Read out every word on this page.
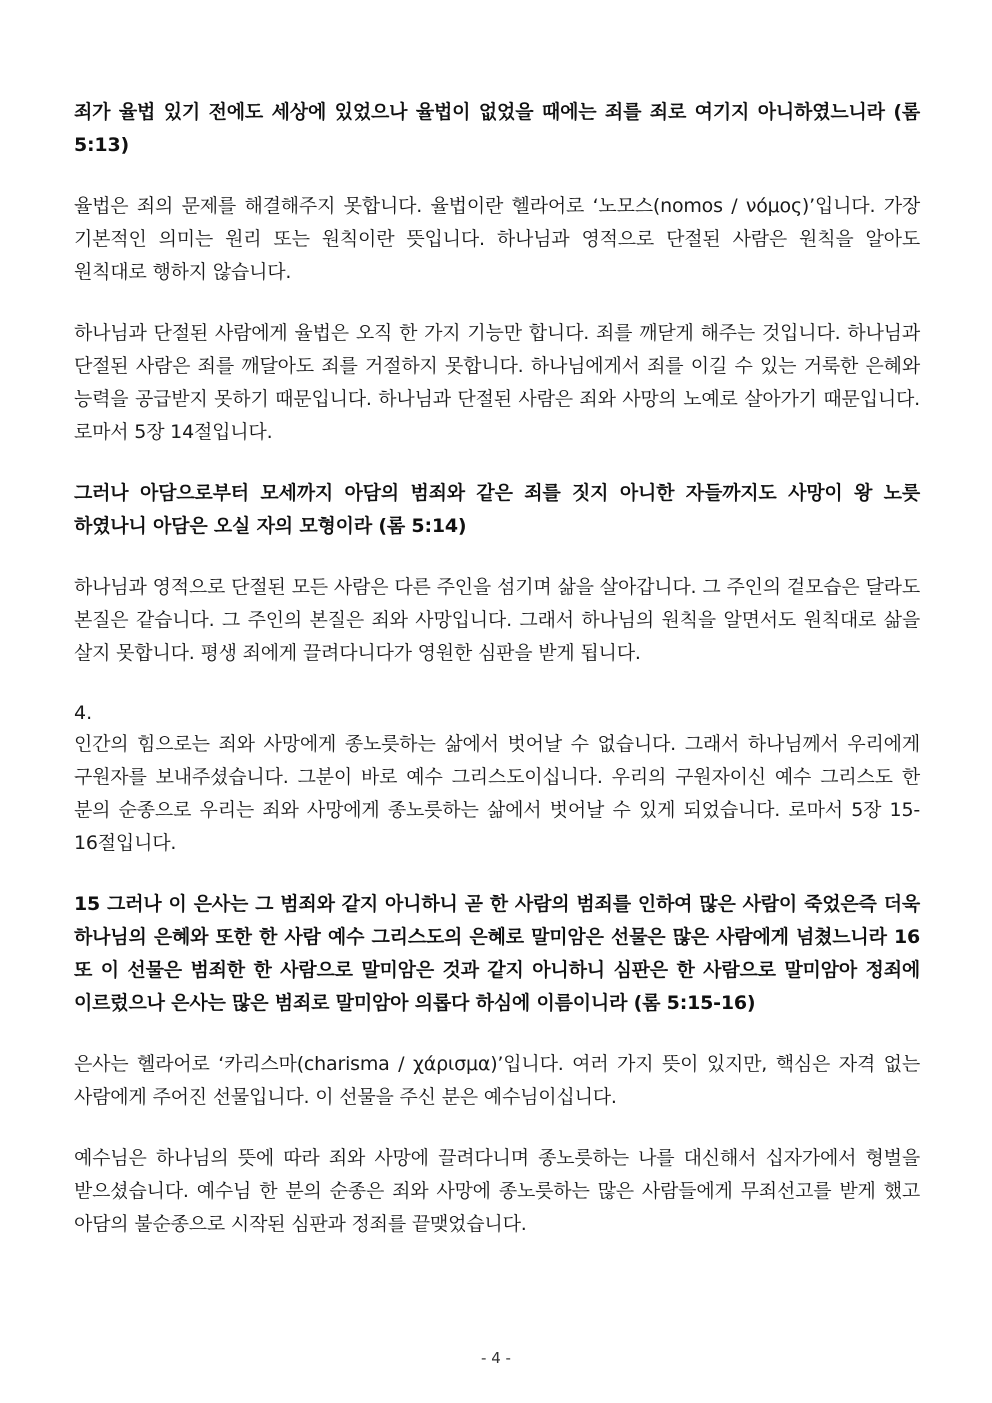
죄가 율법 있기 전에도 세상에 있었으나 율법이 없었을 때에는 죄를 죄로 여기지 아니하였느니라 (롬 5:13)

율법은 죄의 문제를 해결해주지 못합니다. 율법이란 헬라어로 ‘노모스(nomos / νόμος)’입니다. 가장 기본적인 의미는 원리 또는 원칙이란 뜻입니다. 하나님과 영적으로 단절된 사람은 원칙을 알아도 원칙대로 행하지 않습니다.

하나님과 단절된 사람에게 율법은 오직 한 가지 기능만 합니다. 죄를 깨닫게 해주는 것입니다. 하나님과 단절된 사람은 죄를 깨달아도 죄를 거절하지 못합니다. 하나님에게서 죄를 이길 수 있는 거룩한 은혜와 능력을 공급받지 못하기 때문입니다. 하나님과 단절된 사람은 죄와 사망의 노예로 살아가기 때문입니다. 로마서 5장 14절입니다.

그러나 아담으로부터 모세까지 아담의 범죄와 같은 죄를 짓지 아니한 자들까지도 사망이 왕 노릇 하였나니 아담은 오실 자의 모형이라 (롬 5:14)

하나님과 영적으로 단절된 모든 사람은 다른 주인을 섬기며 삶을 살아갑니다. 그 주인의 겉모습은 달라도 본질은 같습니다. 그 주인의 본질은 죄와 사망입니다. 그래서 하나님의 원칙을 알면서도 원칙대로 삶을 살지 못합니다. 평생 죄에게 끌려다니다가 영원한 심판을 받게 됩니다.

4.

인간의 힘으로는 죄와 사망에게 종노릇하는 삶에서 벗어날 수 없습니다. 그래서 하나님께서 우리에게 구원자를 보내주셨습니다. 그분이 바로 예수 그리스도이십니다. 우리의 구원자이신 예수 그리스도 한 분의 순종으로 우리는 죄와 사망에게 종노릇하는 삶에서 벗어날 수 있게 되었습니다. 로마서 5장 15-16절입니다.

15 그러나 이 은사는 그 범죄와 같지 아니하니 곧 한 사람의 범죄를 인하여 많은 사람이 죽었은즉 더욱 하나님의 은혜와 또한 한 사람 예수 그리스도의 은혜로 말미암은 선물은 많은 사람에게 넘쳤느니라 16 또 이 선물은 범죄한 한 사람으로 말미암은 것과 같지 아니하니 심판은 한 사람으로 말미암아 정죄에 이르렀으나 은사는 많은 범죄로 말미암아 의롭다 하심에 이름이니라 (롬 5:15-16)

은사는 헬라어로 ‘카리스마(charisma / χάρισμα)’입니다. 여러 가지 뜻이 있지만, 핵심은 자격 없는 사람에게 주어진 선물입니다. 이 선물을 주신 분은 예수님이십니다.

예수님은 하나님의 뜻에 따라 죄와 사망에 끌려다니며 종노릇하는 나를 대신해서 십자가에서 형벌을 받으셨습니다. 예수님 한 분의 순종은 죄와 사망에 종노릇하는 많은 사람들에게 무죄선고를 받게 했고 아담의 불순종으로 시작된 심판과 정죄를 끝맺었습니다.

- 4 -
